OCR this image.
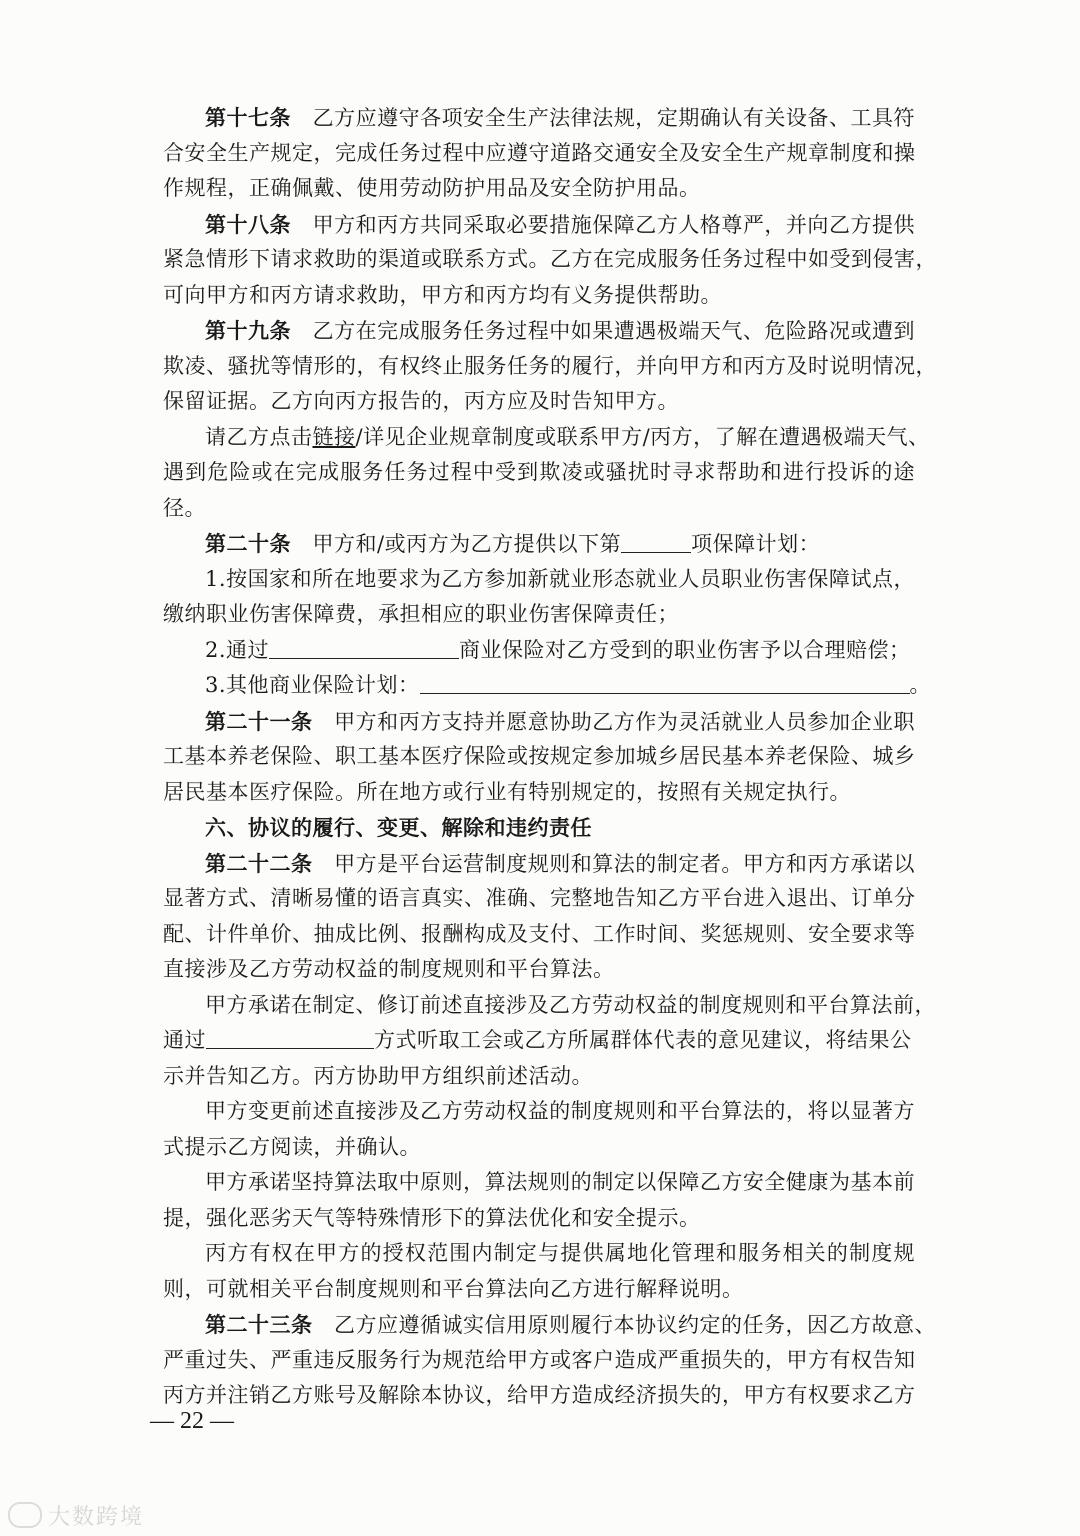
第十七条　乙方应遵守各项安全生产法律法规，定期确认有关设备、工具符
合安全生产规定，完成任务过程中应遵守道路交通安全及安全生产规章制度和操
作规程，正确佩戴、使用劳动防护用品及安全防护用品。
第十八条　甲方和丙方共同采取必要措施保障乙方人格尊严，并向乙方提供
紧急情形下请求救助的渠道或联系方式。乙方在完成服务任务过程中如受到侵害，
可向甲方和丙方请求救助，甲方和丙方均有义务提供帮助。
第十九条　乙方在完成服务任务过程中如果遭遇极端天气、危险路况或遭到
欺凌、骚扰等情形的，有权终止服务任务的履行，并向甲方和丙方及时说明情况，
保留证据。乙方向丙方报告的，丙方应及时告知甲方。
请乙方点击链接/详见企业规章制度或联系甲方/丙方，了解在遭遇极端天气、
遇到危险或在完成服务任务过程中受到欺凌或骚扰时寻求帮助和进行投诉的途
径。
第二十条　甲方和/或丙方为乙方提供以下第	项保障计划：
1.按国家和所在地要求为乙方参加新就业形态就业人员职业伤害保障试点，
缴纳职业伤害保障费，承担相应的职业伤害保障责任；
2.通过	商业保险对乙方受到的职业伤害予以合理赔偿；
3.其他商业保险计划：	。
第二十一条　甲方和丙方支持并愿意协助乙方作为灵活就业人员参加企业职
工基本养老保险、职工基本医疗保险或按规定参加城乡居民基本养老保险、城乡
居民基本医疗保险。所在地方或行业有特别规定的，按照有关规定执行。
六、协议的履行、变更、解除和违约责任
第二十二条　甲方是平台运营制度规则和算法的制定者。甲方和丙方承诺以
显著方式、清晰易懂的语言真实、准确、完整地告知乙方平台进入退出、订单分
配、计件单价、抽成比例、报酬构成及支付、工作时间、奖惩规则、安全要求等
直接涉及乙方劳动权益的制度规则和平台算法。
甲方承诺在制定、修订前述直接涉及乙方劳动权益的制度规则和平台算法前，
通过	方式听取工会或乙方所属群体代表的意见建议，将结果公
示并告知乙方。丙方协助甲方组织前述活动。
甲方变更前述直接涉及乙方劳动权益的制度规则和平台算法的，将以显著方
式提示乙方阅读，并确认。
甲方承诺坚持算法取中原则，算法规则的制定以保障乙方安全健康为基本前
提，强化恶劣天气等特殊情形下的算法优化和安全提示。
丙方有权在甲方的授权范围内制定与提供属地化管理和服务相关的制度规
则，可就相关平台制度规则和平台算法向乙方进行解释说明。
第二十三条　乙方应遵循诚实信用原则履行本协议约定的任务，因乙方故意、
严重过失、严重违反服务行为规范给甲方或客户造成严重损失的，甲方有权告知
丙方并注销乙方账号及解除本协议，给甲方造成经济损失的，甲方有权要求乙方
— 22 —
大数跨境
